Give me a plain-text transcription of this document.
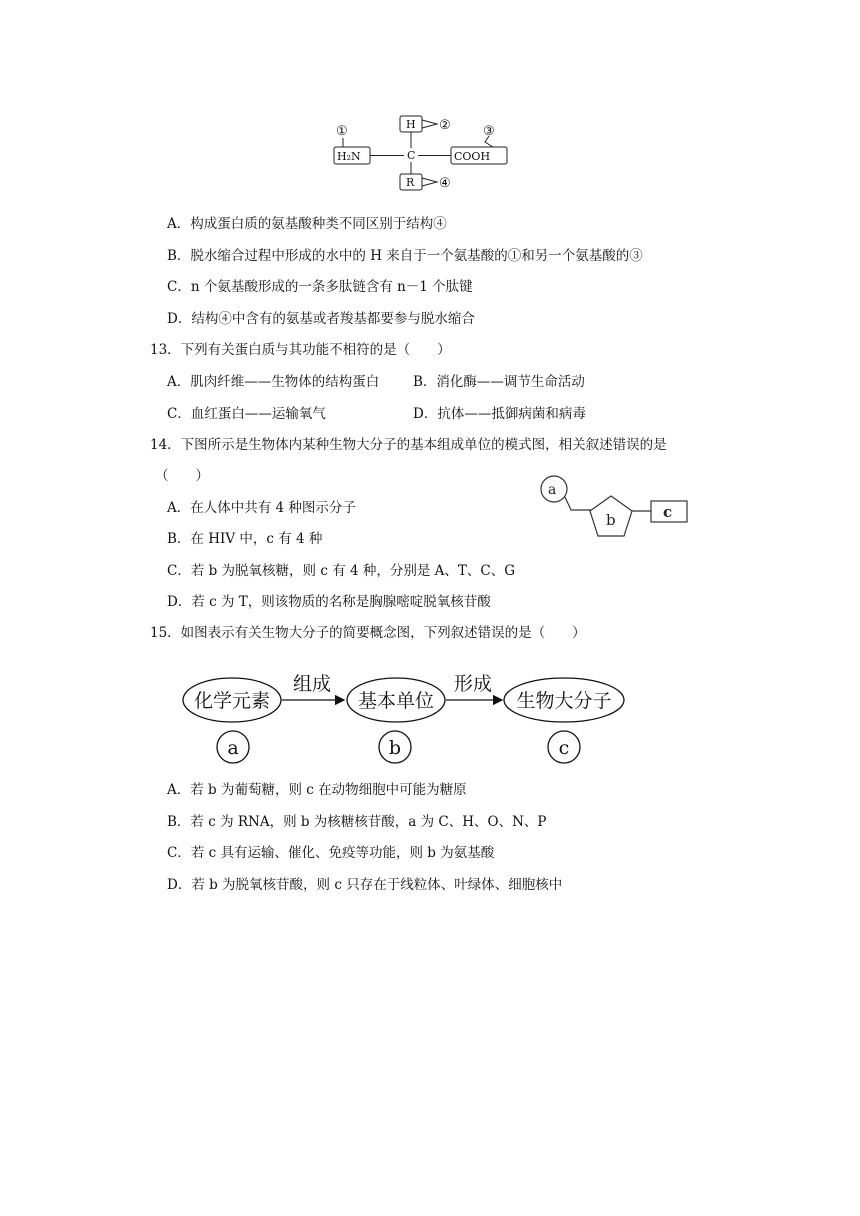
H
C
R
H₂N	COOH
①	② ③
④
A．构成蛋白质的氨基酸种类不同区别于结构④
B．脱水缩合过程中形成的水中的 H 来自于一个氨基酸的①和另一个氨基酸的③
C．n 个氨基酸形成的一条多肽链含有 n－1 个肽键
D．结构④中含有的氨基或者羧基都要参与脱水缩合
13．下列有关蛋白质与其功能不相符的是（　　）
A．肌肉纤维——生物体的结构蛋白	B．消化酶——调节生命活动
C．血红蛋白——运输氧气	D．抗体——抵御病菌和病毒
14．下图所示是生物体内某种生物大分子的基本组成单位的模式图，相关叙述错误的是
（　　）
A．在人体中共有 4 种图示分子
B．在 HIV 中，c 有 4 种
C．若 b 为脱氧核糖，则 c 有 4 种，分别是 A、T、C、G
D．若 c 为 T，则该物质的名称是胸腺嘧啶脱氧核苷酸
a
b	c
15．如图表示有关生物大分子的简要概念图，下列叙述错误的是（　　）
化学元素	基本单位	生物大分子
组成	形成
a	b	c
A．若 b 为葡萄糖，则 c 在动物细胞中可能为糖原
B．若 c 为 RNA，则 b 为核糖核苷酸，a 为 C、H、O、N、P
C．若 c 具有运输、催化、免疫等功能，则 b 为氨基酸
D．若 b 为脱氧核苷酸，则 c 只存在于线粒体、叶绿体、细胞核中
